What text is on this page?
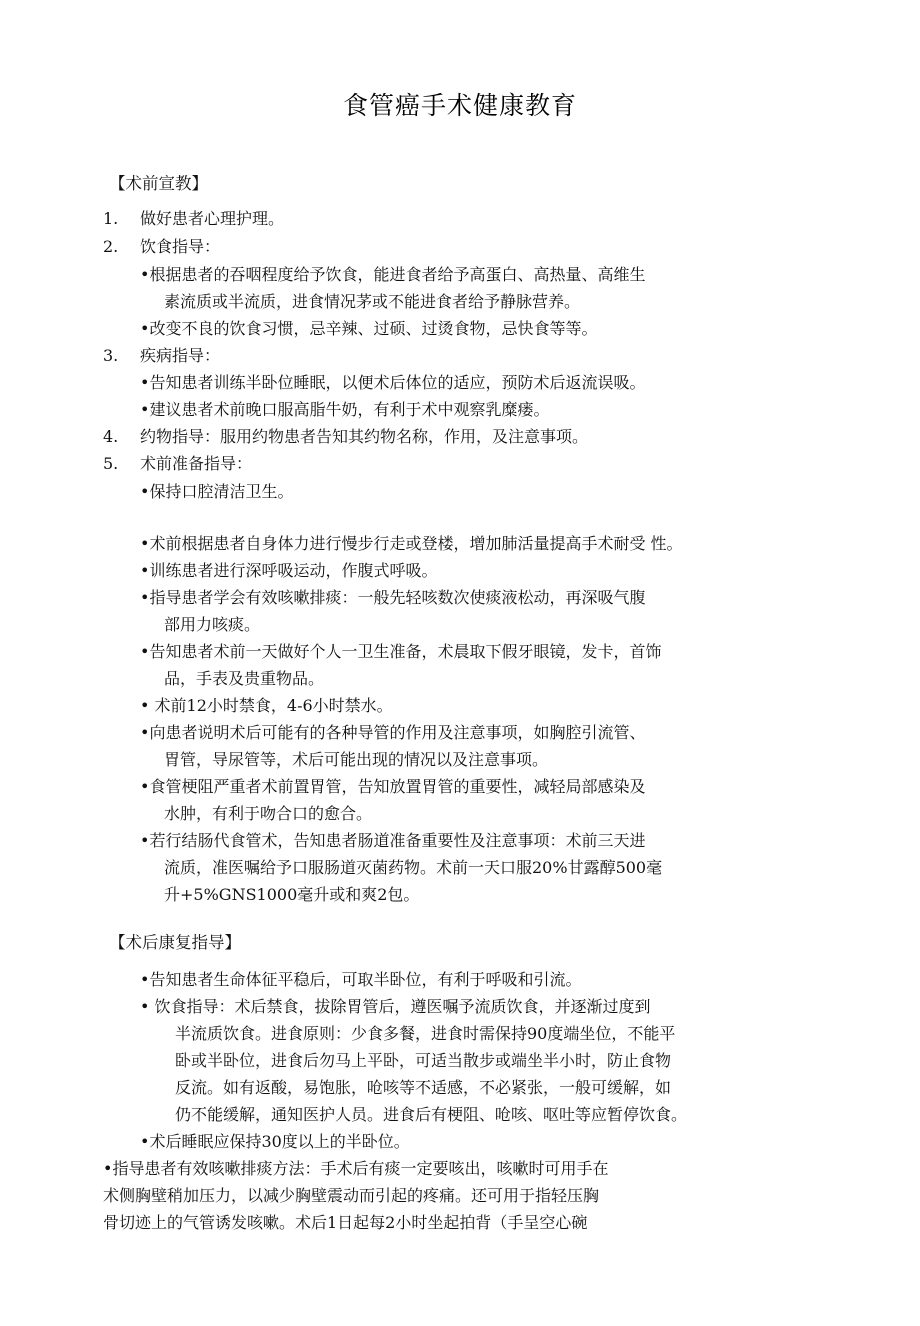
食管癌手术健康教育
【术前宣教】
1. 做好患者心理护理。
2. 饮食指导：
•根据患者的吞咽程度给予饮食，能进食者给予高蛋白、高热量、高维生
素流质或半流质，进食情况茅或不能进食者给予静脉营养。
•改变不良的饮食习惯，忌辛辣、过硕、过烫食物，忌快食等等。
3. 疾病指导：
•告知患者训练半卧位睡眠，以便术后体位的适应，预防术后返流误吸。
•建议患者术前晚口服高脂牛奶，有利于术中观察乳糜瘘。
4. 约物指导：服用约物患者告知其约物名称，作用，及注意事项。
5. 术前准备指导：
•保持口腔清洁卫生。
•术前根据患者自身体力进行慢步行走或登楼，增加肺活量提高手术耐受 性。
•训练患者进行深呼吸运动，作腹式呼吸。
•指导患者学会有效咳嗽排痰：一般先轻咳数次使痰液松动，再深吸气腹
部用力咳痰。
•告知患者术前一天做好个人一卫生准备，术晨取下假牙眼镜，发卡，首饰
品，手表及贵重物品。
• 术前12小时禁食，4-6小时禁水。
•向患者说明术后可能有的各种导管的作用及注意事项，如胸腔引流管、
胃管，导尿管等，术后可能出现的情况以及注意事项。
•食管梗阻严重者术前置胃管，告知放置胃管的重要性，减轻局部感染及
水肿，有利于吻合口的愈合。
•若行结肠代食管术，告知患者肠道准备重要性及注意事项：术前三天进
流质，准医嘱给予口服肠道灭菌药物。术前一天口服20%甘露醇500毫
升+5%GNS1000毫升或和爽2包。
【术后康复指导】
•告知患者生命体征平稳后，可取半卧位，有利于呼吸和引流。
• 饮食指导：术后禁食，拔除胃管后，遵医嘱予流质饮食，并逐渐过度到
半流质饮食。进食原则：少食多餐，进食时需保持90度端坐位，不能平
卧或半卧位，进食后勿马上平卧，可适当散步或端坐半小时，防止食物
反流。如有返酸，易饱胀，呛咳等不适感，不必紧张，一般可缓解，如
仍不能缓解，通知医护人员。进食后有梗阻、呛咳、呕吐等应暂停饮食。
•术后睡眠应保持30度以上的半卧位。
•指导患者有效咳嗽排痰方法：手术后有痰一定要咳出，咳嗽时可用手在
术侧胸壁稍加压力，以减少胸壁震动而引起的疼痛。还可用于指轻压胸
骨切迹上的气管诱发咳嗽。术后1日起每2小时坐起拍背（手呈空心碗
